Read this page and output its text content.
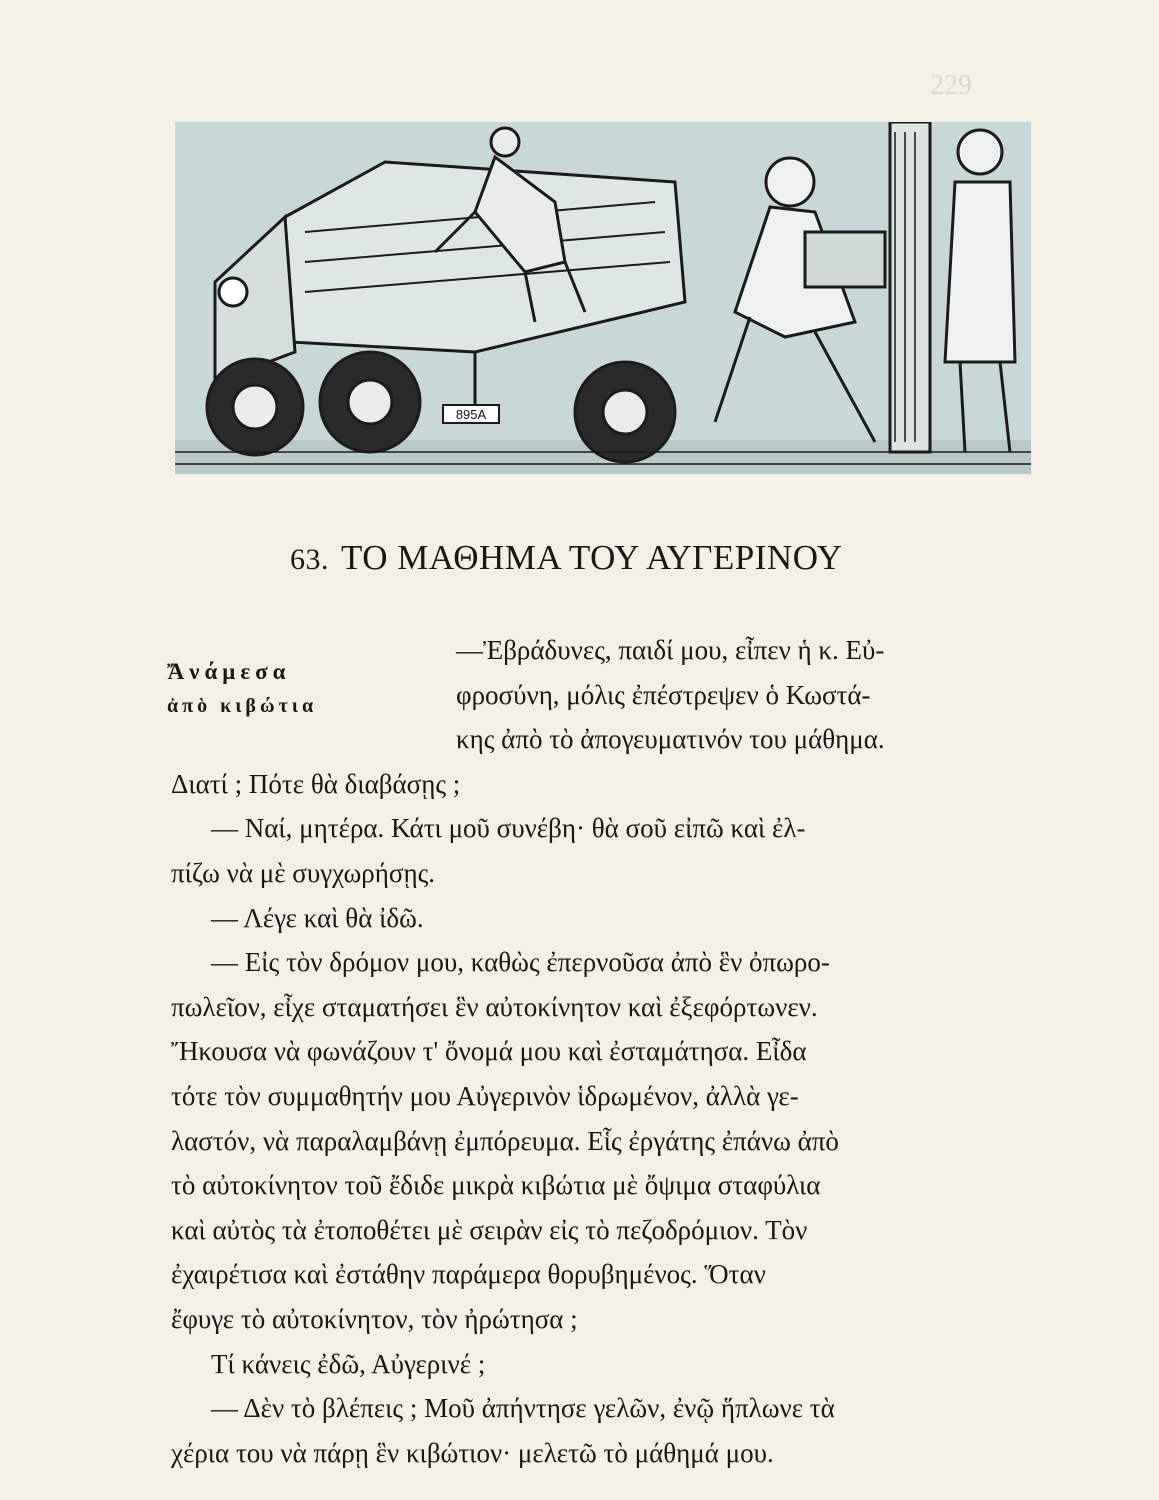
229
895A
63. ΤΟ ΜΑΘΗΜΑ ΤΟΥ ΑΥΓΕΡΙΝΟΥ
Ἄνάμεσα
ἀπὸ κιβώτια
—Ἐβράδυνες, παιδί μου, εἶπεν ἡ κ. Εὐ-
φροσύνη, μόλις ἐπέστρεψεν ὁ Κωστά-
κης ἀπὸ τὸ ἀπογευματινόν του μάθημα.
Διατί ; Πότε θὰ διαβάσῃς ;
— Ναί, μητέρα. Κάτι μοῦ συνέβη· θὰ σοῦ εἰπῶ καὶ ἐλ-
πίζω νὰ μὲ συγχωρήσῃς.
— Λέγε καὶ θὰ ἰδῶ.
— Εἰς τὸν δρόμον μου, καθὼς ἐπερνοῦσα ἀπὸ ἓν ὀπωρο-
πωλεῖον, εἶχε σταματήσει ἓν αὐτοκίνητον καὶ ἐξεφόρτωνεν.
Ἤκουσα νὰ φωνάζουν τ' ὄνομά μου καὶ ἐσταμάτησα. Εἶδα
τότε τὸν συμμαθητήν μου Αὐγερινὸν ἱδρωμένον, ἀλλὰ γε-
λαστόν, νὰ παραλαμβάνῃ ἐμπόρευμα. Εἷς ἐργάτης ἐπάνω ἀπὸ
τὸ αὐτοκίνητον τοῦ ἔδιδε μικρὰ κιβώτια μὲ ὄψιμα σταφύλια
καὶ αὐτὸς τὰ ἐτοποθέτει μὲ σειρὰν εἰς τὸ πεζοδρόμιον. Τὸν
ἐχαιρέτισα καὶ ἐστάθην παράμερα θορυβημένος. Ὅταν
ἔφυγε τὸ αὐτοκίνητον, τὸν ἠρώτησα ;
Τί κάνεις ἐδῶ, Αὐγερινέ ;
— Δὲν τὸ βλέπεις ; Μοῦ ἀπήντησε γελῶν, ἐνῷ ἥπλωνε τὰ
χέρια του νὰ πάρῃ ἓν κιβώτιον· μελετῶ τὸ μάθημά μου.
